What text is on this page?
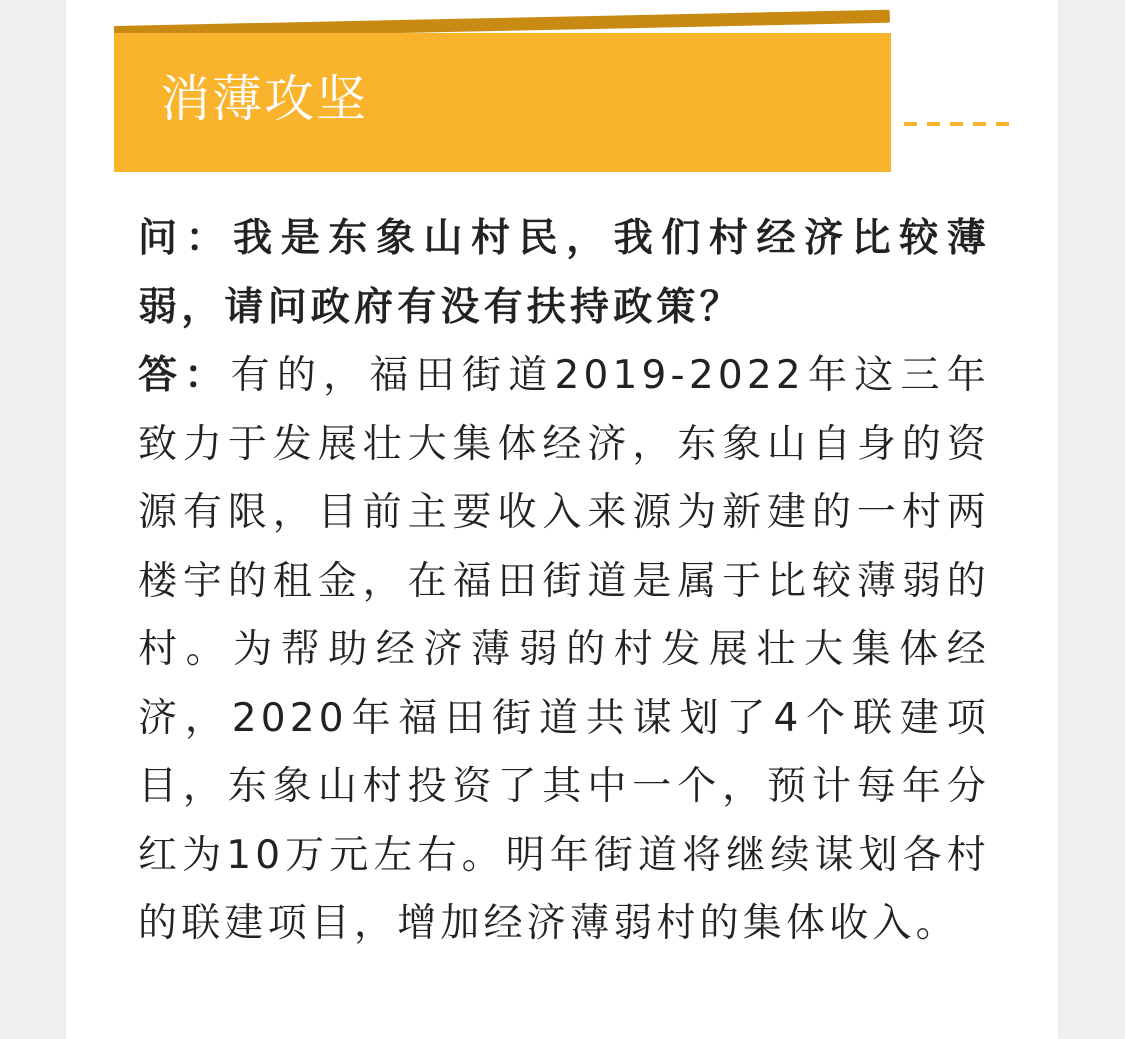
消薄攻坚

问：我是东象山村民，我们村经济比较薄弱，请问政府有没有扶持政策？

答：有的，福田街道2019-2022年这三年致力于发展壮大集体经济，东象山自身的资源有限，目前主要收入来源为新建的一村两楼宇的租金，在福田街道是属于比较薄弱的村。为帮助经济薄弱的村发展壮大集体经济，2020年福田街道共谋划了4个联建项目，东象山村投资了其中一个，预计每年分红为10万元左右。明年街道将继续谋划各村的联建项目，增加经济薄弱村的集体收入。
